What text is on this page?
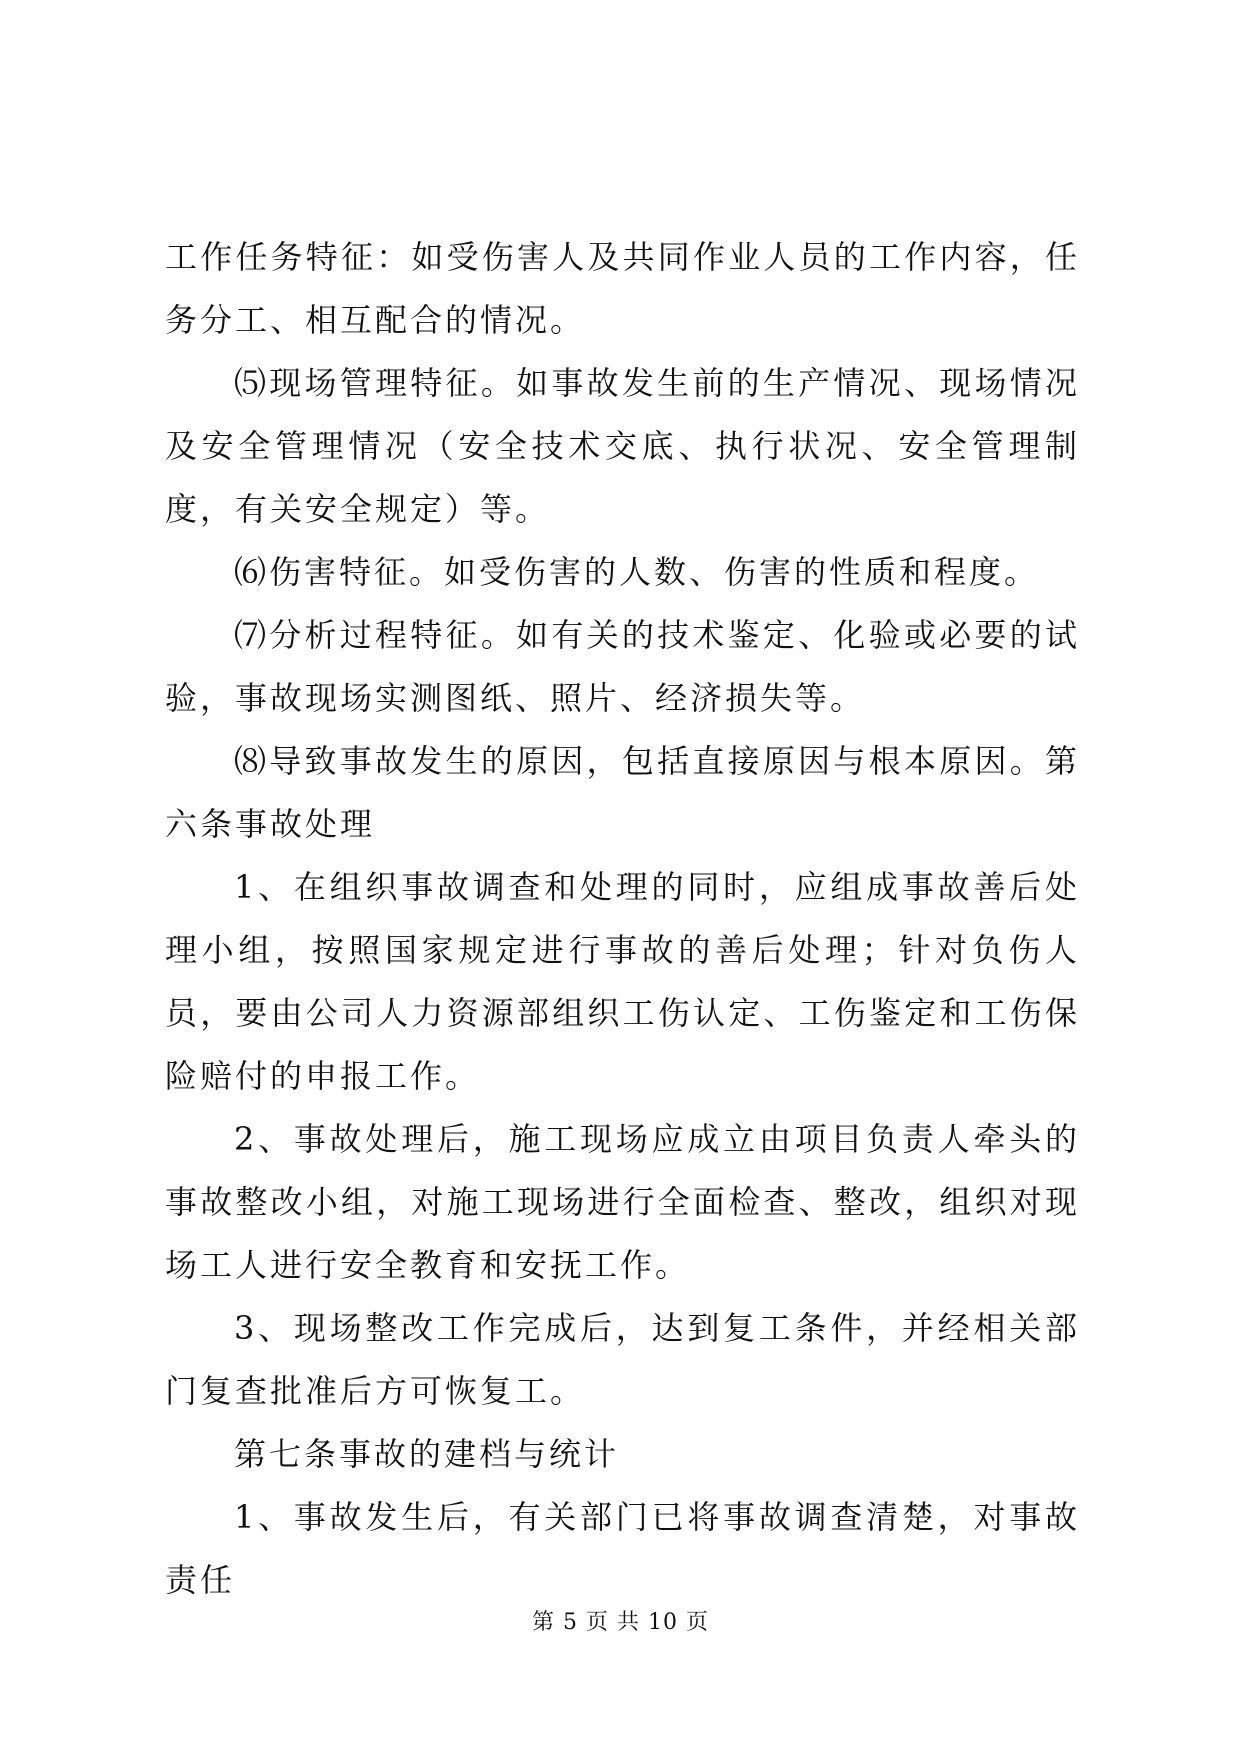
工作任务特征：如受伤害人及共同作业人员的工作内容，任务分工、相互配合的情况。

⑸现场管理特征。如事故发生前的生产情况、现场情况及安全管理情况（安全技术交底、执行状况、安全管理制度，有关安全规定）等。

⑹伤害特征。如受伤害的人数、伤害的性质和程度。

⑺分析过程特征。如有关的技术鉴定、化验或必要的试验，事故现场实测图纸、照片、经济损失等。

⑻导致事故发生的原因，包括直接原因与根本原因。第六条事故处理

1、在组织事故调查和处理的同时，应组成事故善后处理小组，按照国家规定进行事故的善后处理；针对负伤人员，要由公司人力资源部组织工伤认定、工伤鉴定和工伤保险赔付的申报工作。

2、事故处理后，施工现场应成立由项目负责人牵头的事故整改小组，对施工现场进行全面检查、整改，组织对现场工人进行安全教育和安抚工作。

3、现场整改工作完成后，达到复工条件，并经相关部门复查批准后方可恢复工。

第七条事故的建档与统计

1、事故发生后，有关部门已将事故调查清楚，对事故责任

第 5 页 共 10 页
